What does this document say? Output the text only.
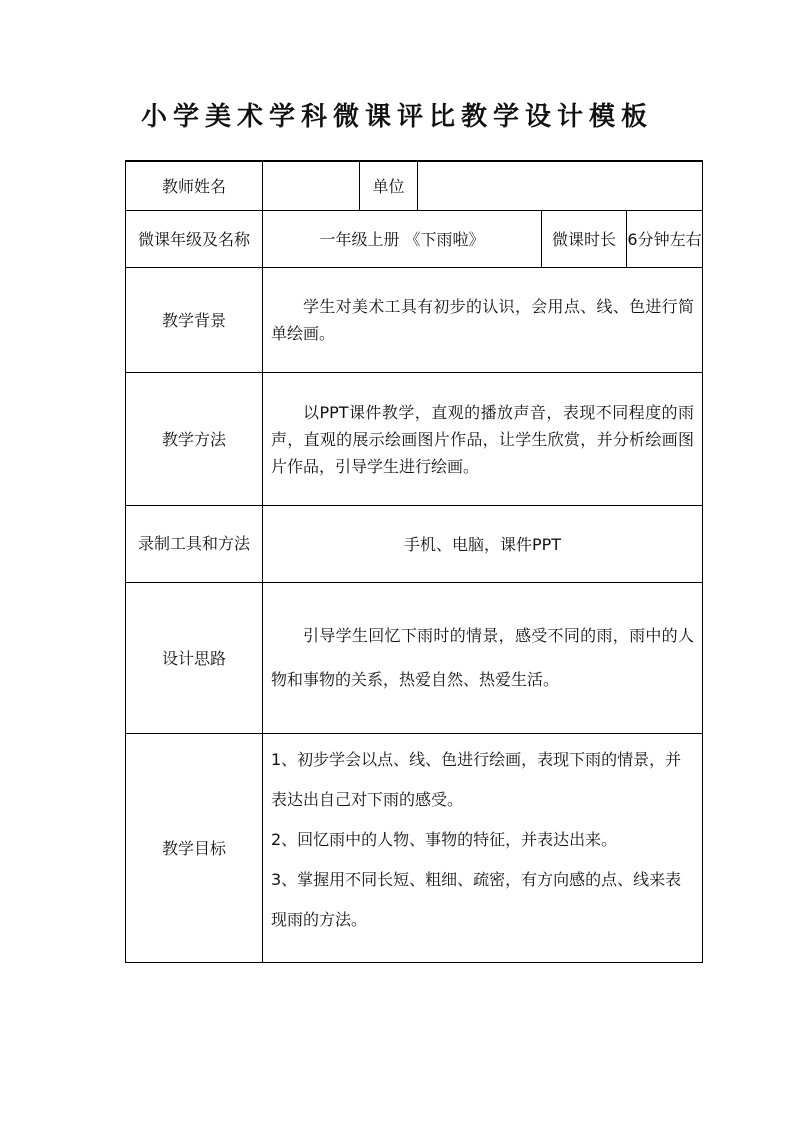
小学美术学科微课评比教学设计模板

教师姓名		单位			
微课年级及名称	一年级上册 《下雨啦》			微课时长	6分钟左右
教学背景	学生对美术工具有初步的认识，会用点、线、色进行简单绘画。				
教学方法	以PPT课件教学，直观的播放声音，表现不同程度的雨声，直观的展示绘画图片作品，让学生欣赏，并分析绘画图片作品，引导学生进行绘画。				
录制工具和方法	手机、电脑，课件PPT				
设计思路	引导学生回忆下雨时的情景，感受不同的雨，雨中的人物和事物的关系，热爱自然、热爱生活。				
教学目标	1、初步学会以点、线、色进行绘画，表现下雨的情景，并表达出自己对下雨的感受。

2、回忆雨中的人物、事物的特征，并表达出来。

3、掌握用不同长短、粗细、疏密，有方向感的点、线来表现雨的方法。				
